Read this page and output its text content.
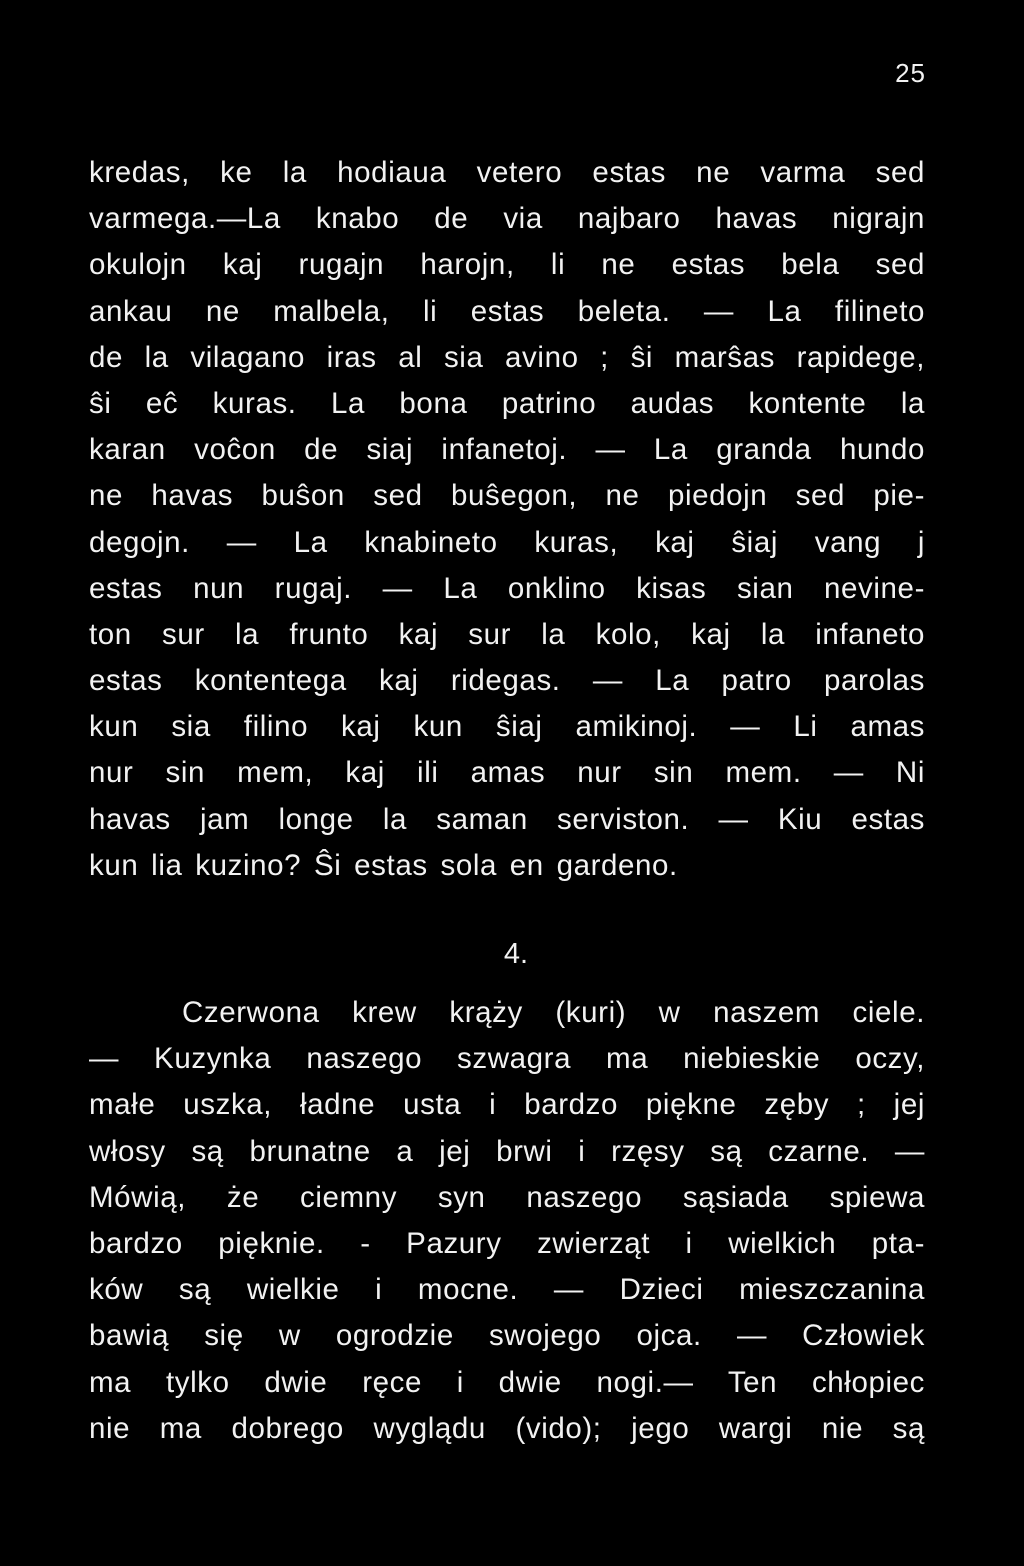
25
kredas, ke la hodiaua vetero estas ne varma sed
varmega.—La knabo de via najbaro havas nigrajn
okulojn kaj rugajn harojn, li ne estas bela sed
ankau ne malbela, li estas beleta. — La filineto
de la vilagano iras al sia avino ; ŝi marŝas rapidege,
ŝi eĉ kuras. La bona patrino audas kontente la
karan voĉon de siaj infanetoj. — La granda hundo
ne havas buŝon sed buŝegon, ne piedojn sed pie-
degojn. — La knabineto kuras, kaj ŝiaj vang j
estas nun rugaj. — La onklino kisas sian nevine-
ton sur la frunto kaj sur la kolo, kaj la infaneto
estas kontentega kaj ridegas. — La patro parolas
kun sia filino kaj kun ŝiaj amikinoj. — Li amas
nur sin mem, kaj ili amas nur sin mem. — Ni
havas jam longe la saman serviston. — Kiu estas
kun lia kuzino? Ŝi estas sola en gardeno.
4.
Czerwona krew krąży (kuri) w naszem ciele.
— Kuzynka naszego szwagra ma niebieskie oczy,
małe uszka, ładne usta i bardzo piękne zęby ; jej
włosy są brunatne a jej brwi i rzęsy są czarne. —
Mówią, że ciemny syn naszego sąsiada spiewa
bardzo pięknie. - Pazury zwierząt i wielkich pta-
ków są wielkie i mocne. — Dzieci mieszczanina
bawią się w ogrodzie swojego ojca. — Człowiek
ma tylko dwie ręce i dwie nogi.— Ten chłopiec
nie ma dobrego wyglądu (vido); jego wargi nie są
